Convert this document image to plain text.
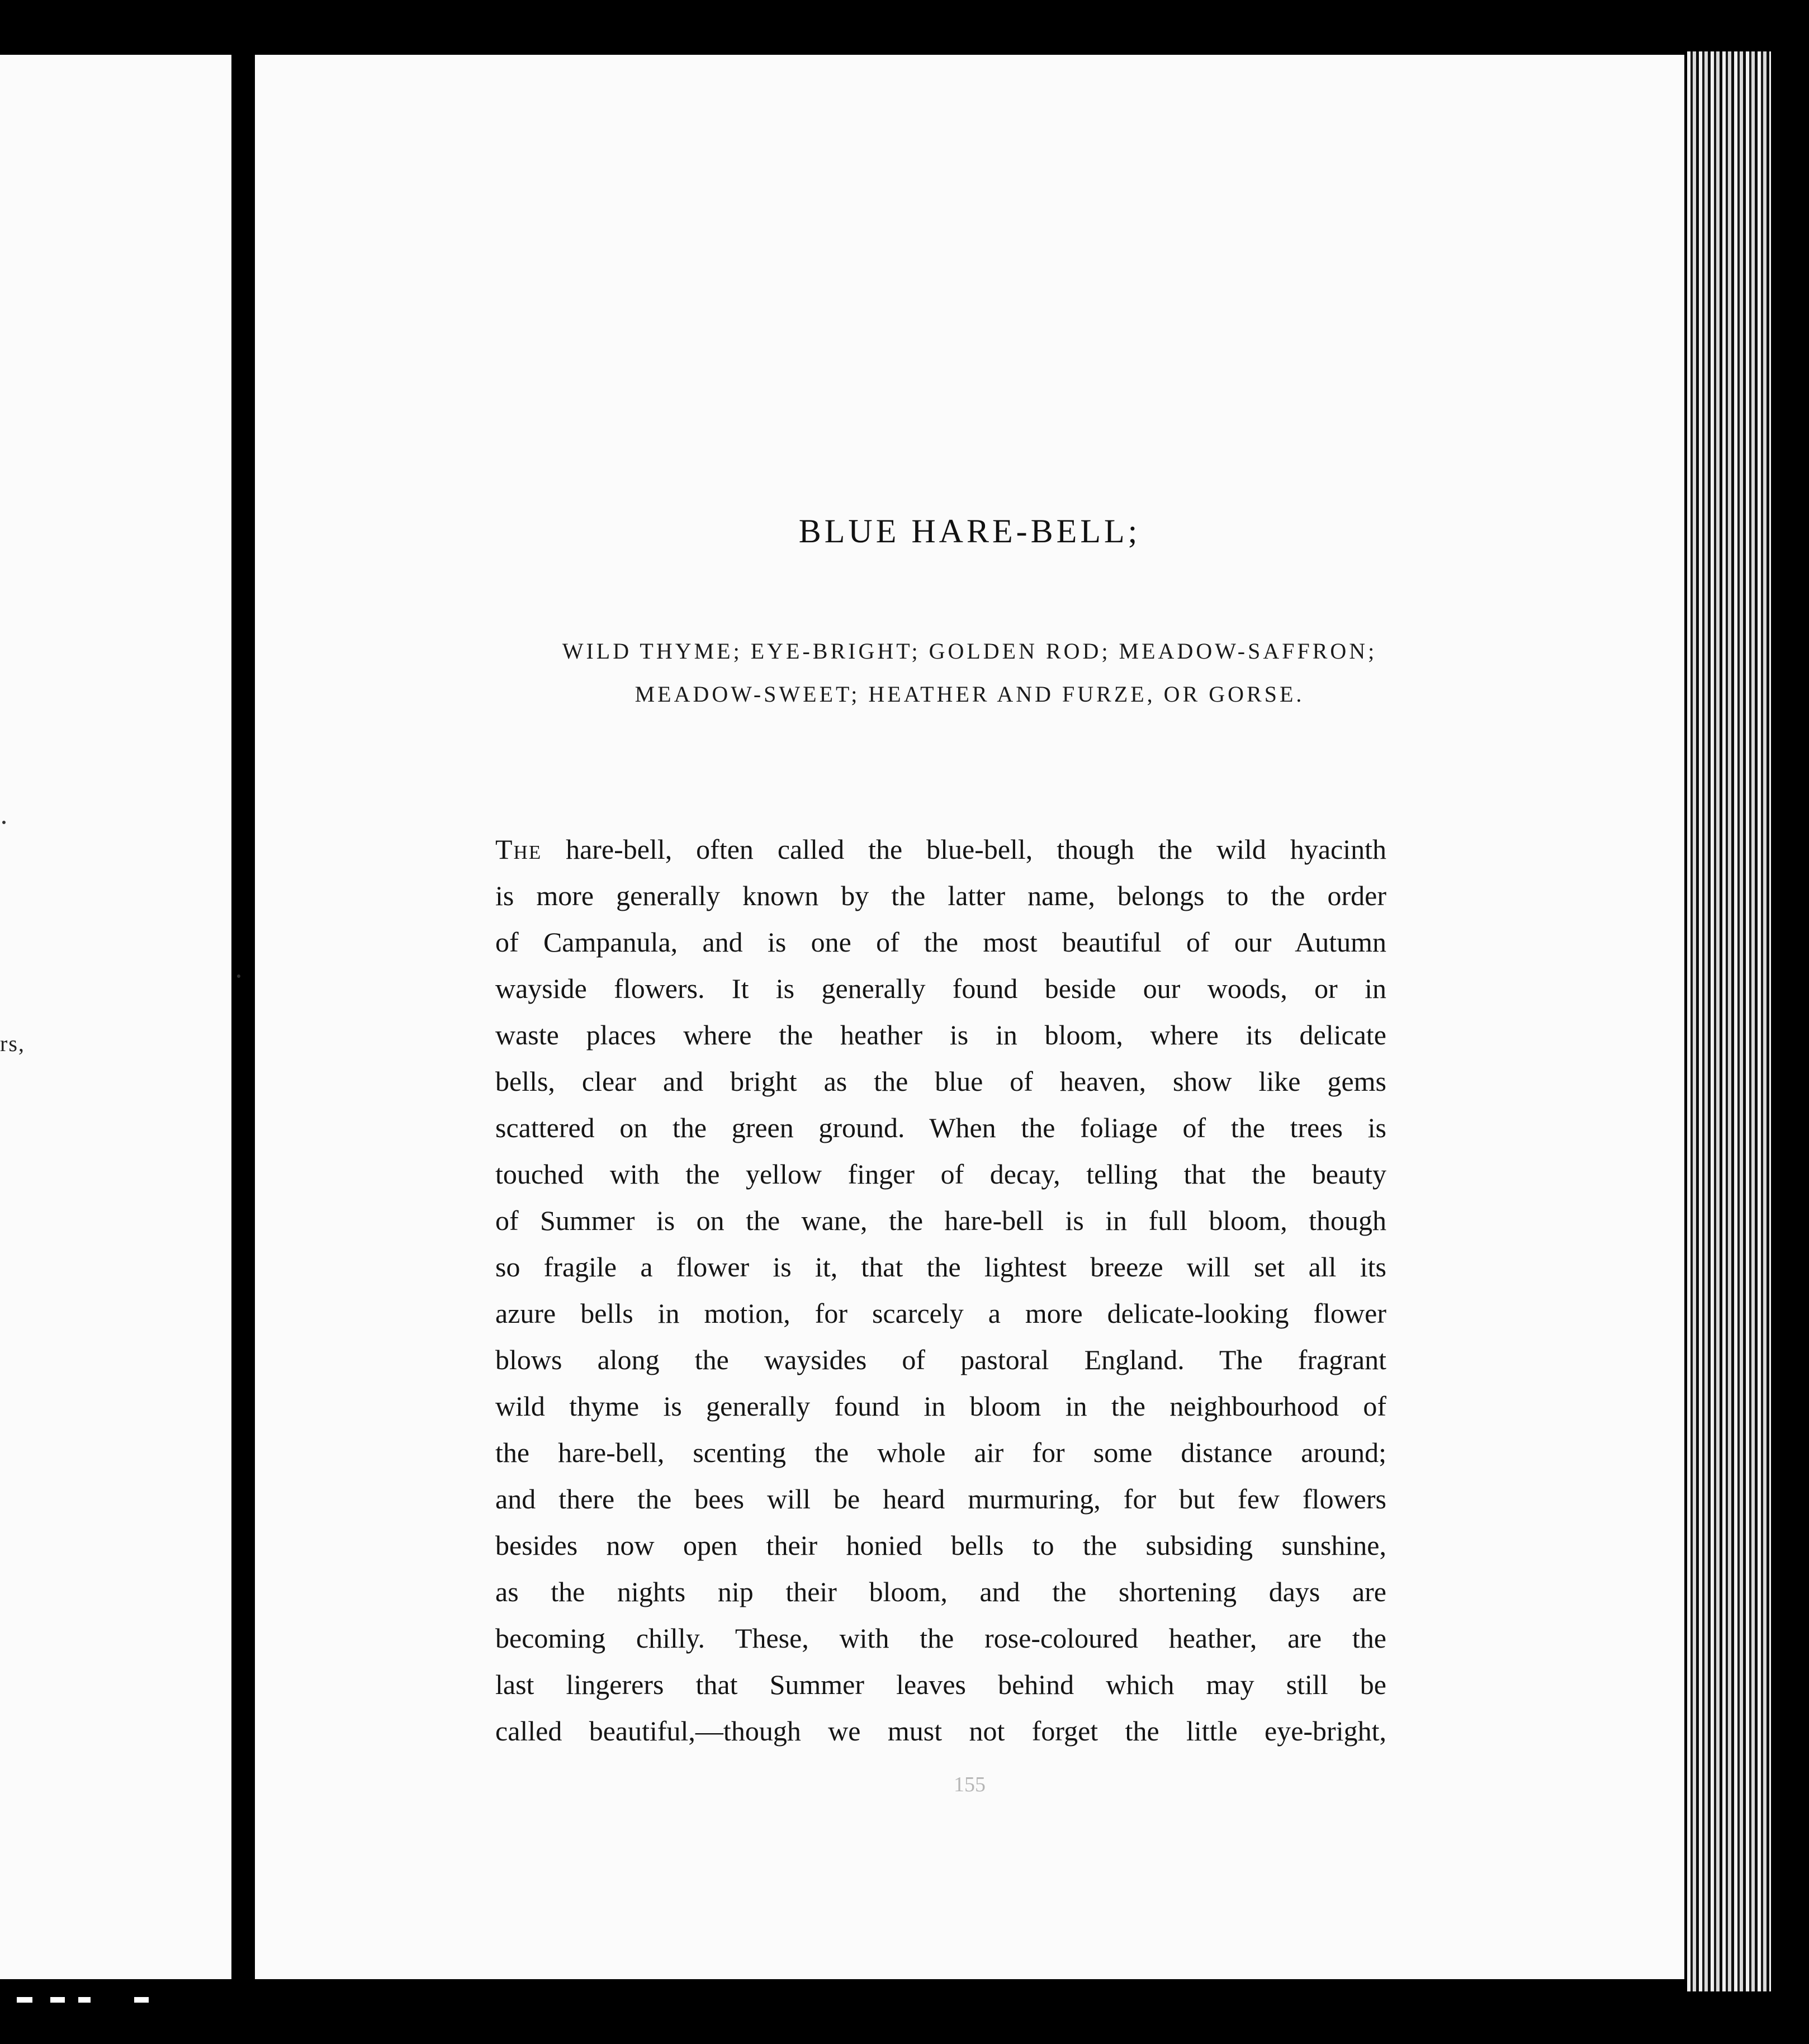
rs,
BLUE HARE-BELL;

WILD THYME; EYE-BRIGHT; GOLDEN ROD; MEADOW-SAFFRON;

MEADOW-SWEET; HEATHER AND FURZE, OR GORSE.

The hare-bell, often called the blue-bell, though the wild hyacinth
is more generally known by the latter name, belongs to the order
of Campanula, and is one of the most beautiful of our Autumn
wayside flowers. It is generally found beside our woods, or in
waste places where the heather is in bloom, where its delicate
bells, clear and bright as the blue of heaven, show like gems
scattered on the green ground. When the foliage of the trees is
touched with the yellow finger of decay, telling that the beauty
of Summer is on the wane, the hare-bell is in full bloom, though
so fragile a flower is it, that the lightest breeze will set all its
azure bells in motion, for scarcely a more delicate-looking flower
blows along the waysides of pastoral England. The fragrant
wild thyme is generally found in bloom in the neighbourhood of
the hare-bell, scenting the whole air for some distance around;
and there the bees will be heard murmuring, for but few flowers
besides now open their honied bells to the subsiding sunshine,
as the nights nip their bloom, and the shortening days are
becoming chilly. These, with the rose-coloured heather, are the
last lingerers that Summer leaves behind which may still be
called beautiful,—though we must not forget the little eye-bright,

155
